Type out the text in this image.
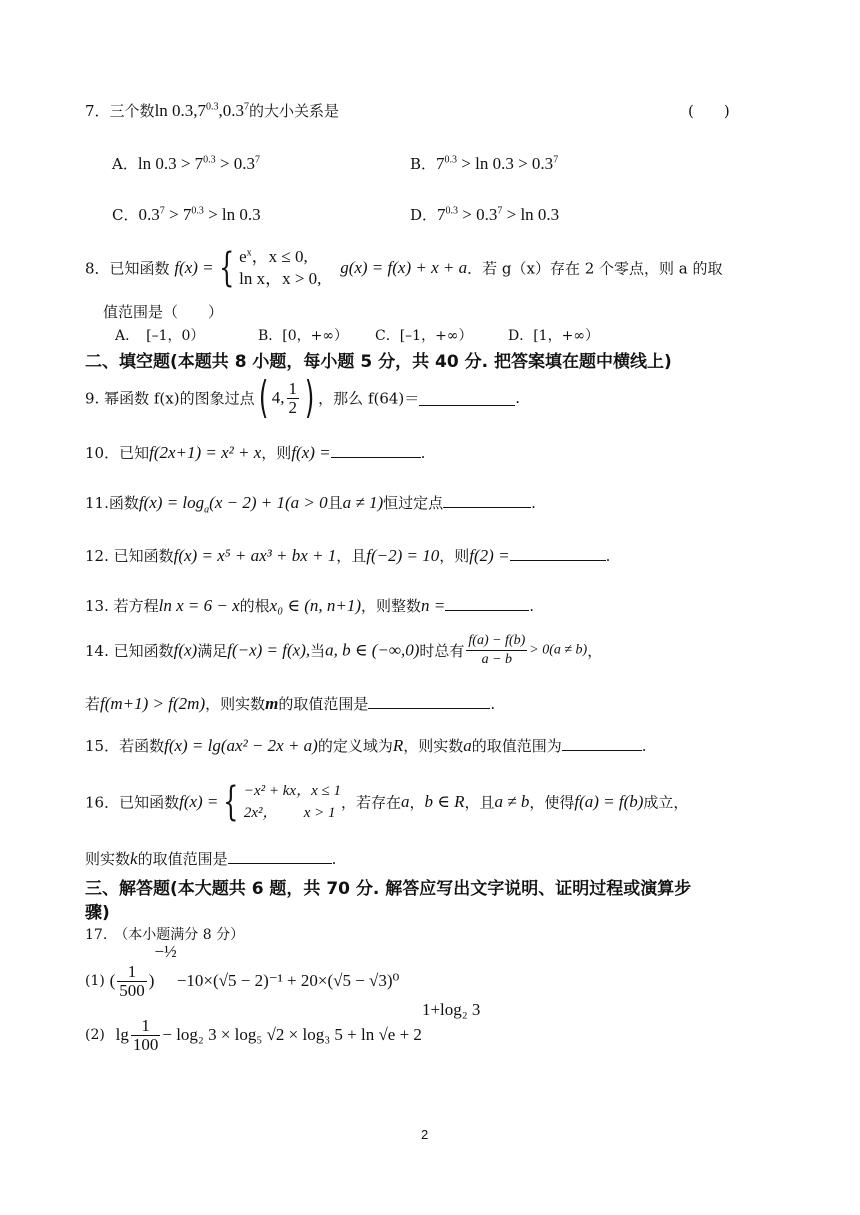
7．三个数$\ln 0.3,7^{0.3},0.3^7$的大小关系是	(　　)
A．$\ln 0.3 > 7^{0.3} > 0.3^7$	B．$7^{0.3} > \ln 0.3 > 0.3^7$
C．$0.3^7 > 7^{0.3} > \ln 0.3$	D．$7^{0.3} > 0.3^7 > \ln 0.3$
8．已知函数 f(x) = { $e^x$，x ≤ 0,
ln x，x > 0,
g(x) = f(x) + x + a．若 g（x）存在 2 个零点，则 a 的取
值范围是（　　）
A．　[–1，0）	B．[0，+∞） C．[–1，+∞）	D．[1，+∞）
二、填空题(本题共 8 小题，每小题 5 分，共 40 分. 把答案填在题中横线上)
9. 幂函数 f(x)的图象过点( 4, $\frac{1}{2}$ ) ，那么 f(64)＝	.
10．已知f(2x+1) = x² + x，则f(x) =	.
11.函数$f(x) = \log_a(x - 2) + 1(a > 0$且a ≠ 1)恒过定点	.
12. 已知函数f(x) = x⁵ + ax³ + bx + 1，且f(−2) = 10，则f(2) =	.
13. 若方程ln x = 6 − x的根x₀ ∈ (n, n+1)，则整数n =	.
14. 已知函数f(x)满足f(−x) = f(x),当a, b ∈ (−∞,0)时总有 $\frac{f(a) - f(b)}{a - b} > 0(a \ne b)$，
若f(m+1) > f(2m)，则实数m的取值范围是	.
15．若函数f(x) = lg(ax² − 2x + a)的定义域为R，则实数a的取值范围为	.
16．已知函数f(x) = { −x² + kx，x ≤ 1
2x²，　　 x > 1
，若存在a，b ∈ R，且a ≠ b，使得f(a) = f(b)成立，
则实数k的取值范围是	.
三、解答题(本大题共 6 题，共 70 分. 解答应写出文字说明、证明过程或演算步
骤)
17.　（本小题满分 8 分）
(1) ( $\frac{1}{500} )^{-\frac{1}{2}}-10\times(√5 - 2)^{-1} + 20\times(√5 - √3)^0$
(2) $\lg \frac{1}{100} - \log_2$ 3 × log₅ √2 × log₃ $5 + \ln √e + 2^{1+log_2 3}$
2
